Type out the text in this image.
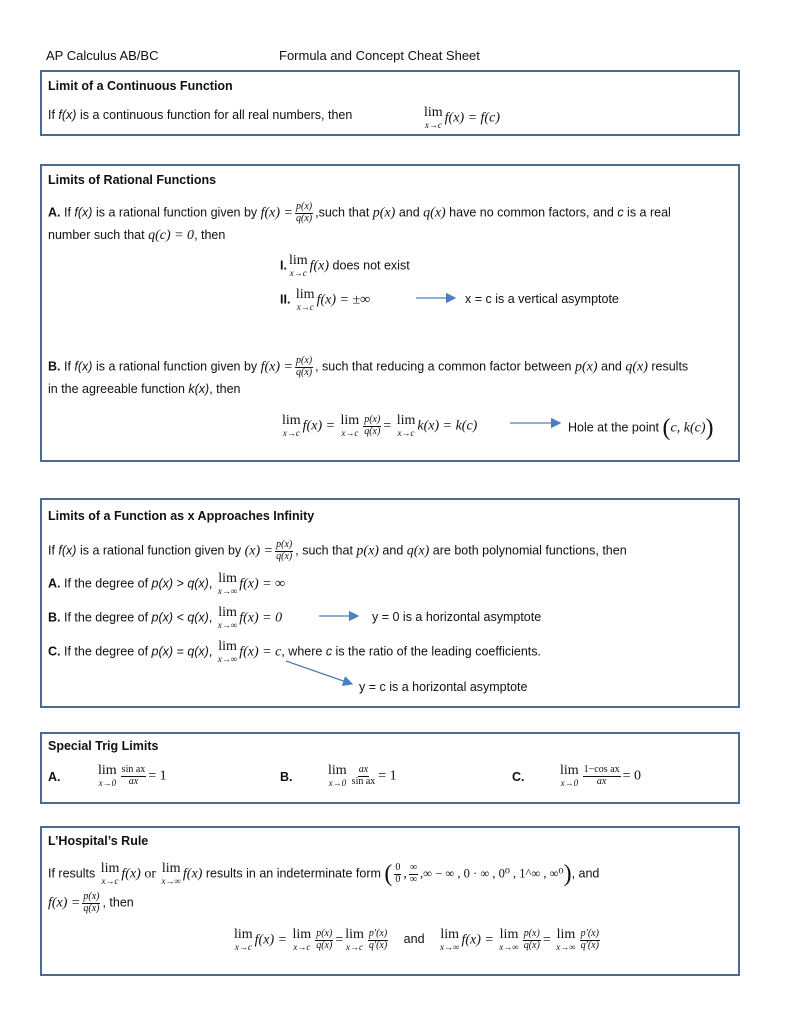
AP Calculus AB/BC	Formula and Concept Cheat Sheet
Limit of a Continuous Function
If f(x) is a continuous function for all real numbers, then	lim
x→c f(x) = f(c)
Limits of Rational Functions
A. If f(x) is a rational function given by $f(x) = \frac{p(x)}{q(x)}$ ,such that p(x) and q(x) have no common factors, and c is a real
number such that q(c) = 0, then
I. lim
x→c f(x) does not exist
II. lim
x→c f(x) = ±∞	x = c is a vertical asymptote
B. If f(x) is a rational function given by $f(x) = \frac{p(x)}{q(x)}$ , such that reducing a common factor between p(x) and q(x) results
in the agreeable function k(x), then
lim
x→c f(x) = lim
$x\to c \frac{p(x)}{q(x)} = \lim$
x→c k(x) = k(c)	Hole at the point (c, k(c))
Limits of a Function as x Approaches Infinity
If f(x) is a rational function given by $(x) = \frac{p(x)}{q(x)}$ , such that p(x) and q(x) are both polynomial functions, then
A. If the degree of p(x) > q(x), lim
x→∞ f(x) = ∞
B. If the degree of p(x) < q(x), lim
x→∞ f(x) = 0	y = 0 is a horizontal asymptote
C. If the degree of p(x) = q(x), lim
x→∞ f(x) = c, where c is the ratio of the leading coefficients.
y = c is a horizontal asymptote
Special Trig Limits
A.	lim
$x\to 0 \frac{\text{sin ax}}{ax} = 1$	B.	lim
$x\to 0 \frac{ax}{\text{sin ax}} = 1$	C.	lim
$x\to 0 \frac{\text{1−cos ax}}{ax} = 0$
L’Hospital’s Rule
If results lim
x→c f(x) or lim
x→∞ f(x) results in an indeterminate form ( $\frac{0}{0}$ , ∞
∞ ,∞ − ∞ , 0 · ∞ , 0⁰ , 1^∞ , ∞⁰), and
$f(x) = \frac{p(x)}{q(x)}$ , then
lim
x→c f(x) = lim
$x\to c \frac{p(x)}{q(x)} = \lim$
$x\to c \frac{p'(x)}{q'(x)}$ and lim
x→∞ f(x) = lim
$x\to\infty \frac{p(x)}{q(x)} = \lim$
$x\to\infty \frac{p'(x)}{q'(x)}$
